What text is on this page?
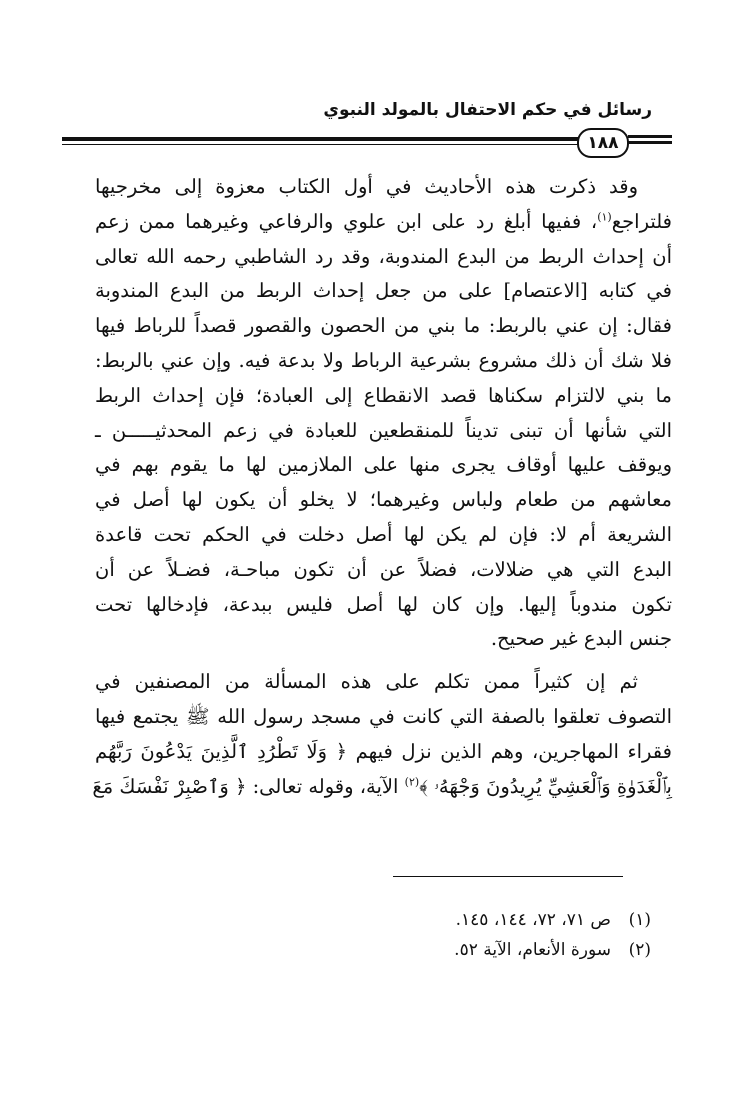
رسائل في حكم الاحتفال بالمولد النبوي
١٨٨
وقد ذكرت هذه الأحاديث في أول الكتاب معزوة إلى مخرجيها
فلتراجع$^{(١)}$، ففيها أبلغ رد على ابن علوي والرفاعي وغيرهما ممن زعم
أن إحداث الربط من البدع المندوبة، وقد رد الشاطبي رحمه الله تعالى
في كتابه [الاعتصام] على من جعل إحداث الربط من البدع المندوبة
فقال: إن عني بالربط: ما بني من الحصون والقصور قصداً للرباط فيها
فلا شك أن ذلك مشروع بشرعية الرباط ولا بدعة فيه. وإن عني بالربط:
ما بني لالتزام سكناها قصد الانقطاع إلى العبادة؛ فإن إحداث الربط
التي شأنها أن تبنى تديناً للمنقطعين للعبادة في زعم المحدثيـــــن ـ
ويوقف عليها أوقاف يجرى منها على الملازمين لها ما يقوم بهم في
معاشهم من طعام ولباس وغيرهما؛ لا يخلو أن يكون لها أصل في
الشريعة أم لا: فإن لم يكن لها أصل دخلت في الحكم تحت قاعدة
البدع التي هي ضلالات، فضلاً عن أن تكون مباحـة، فضـلاً عن أن
تكون مندوباً إليها. وإن كان لها أصل فليس ببدعة، فإدخالها تحت
جنس البدع غير صحيح.
ثم إن كثيراً ممن تكلم على هذه المسألة من المصنفين في
التصوف تعلقوا بالصفة التي كانت في مسجد رسول الله ﷺ يجتمع فيها
فقراء المهاجرين، وهم الذين نزل فيهم ﴿ وَلَا تَطْرُدِ ٱلَّذِينَ يَدْعُونَ رَبَّهُم
بِٱلْغَدَوٰةِ وَٱلْعَشِيِّ يُرِيدُونَ وَجْهَهُۥ ﴾$^{(٢)}$ الآية، وقوله تعالى: ﴿ وَٱصْبِرْ نَفْسَكَ مَعَ
(١)ص ٧١، ٧٢، ١٤٤، ١٤٥.
(٢)سورة الأنعام، الآية ٥٢.
